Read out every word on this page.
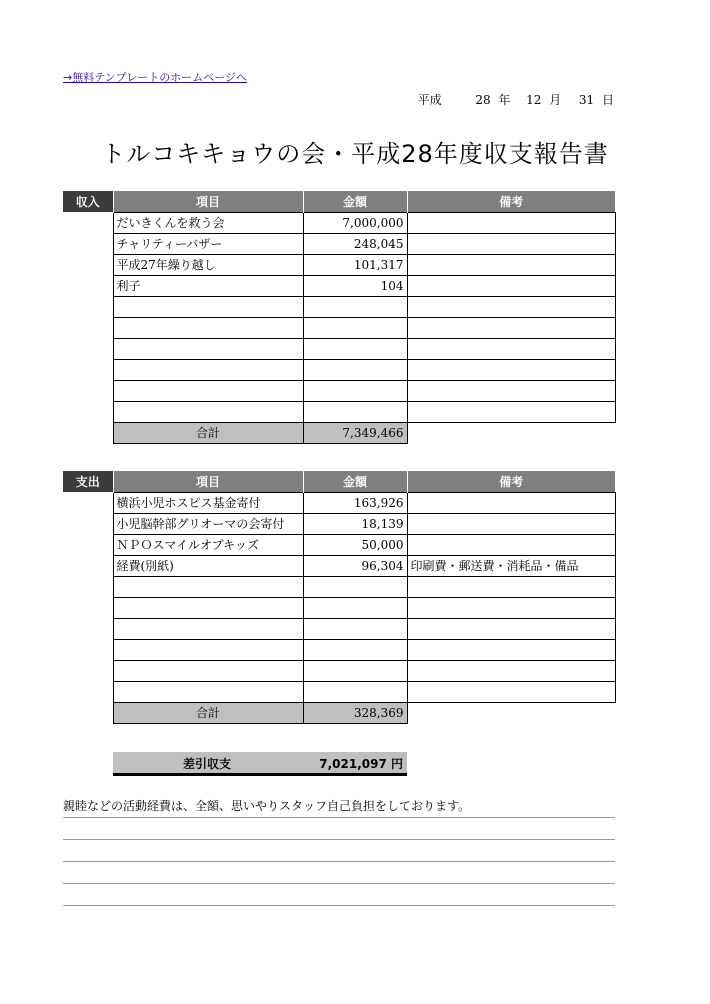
→無料テンプレートのホームページへ
平成	28 年 12 月 31 日
トルコキキョウの会・平成28年度収支報告書
収入	項目	金額	備考
	だいきくんを救う会	7,000,000	
	チャリティーバザー	248,045	
	平成27年繰り越し	101,317	
	利子	104	

	合計	7,349,466	
支出	項目	金額	備考
	横浜小児ホスピス基金寄付	163,926	
	小児脳幹部グリオーマの会寄付	18,139	
	ＮＰＯスマイルオブキッズ	50,000	
	経費(別紙)	96,304	印刷費・郵送費・消耗品・備品

	合計	328,369	
差引収支	7,021,097 円
親睦などの活動経費は、全額、思いやりスタッフ自己負担をしております。
